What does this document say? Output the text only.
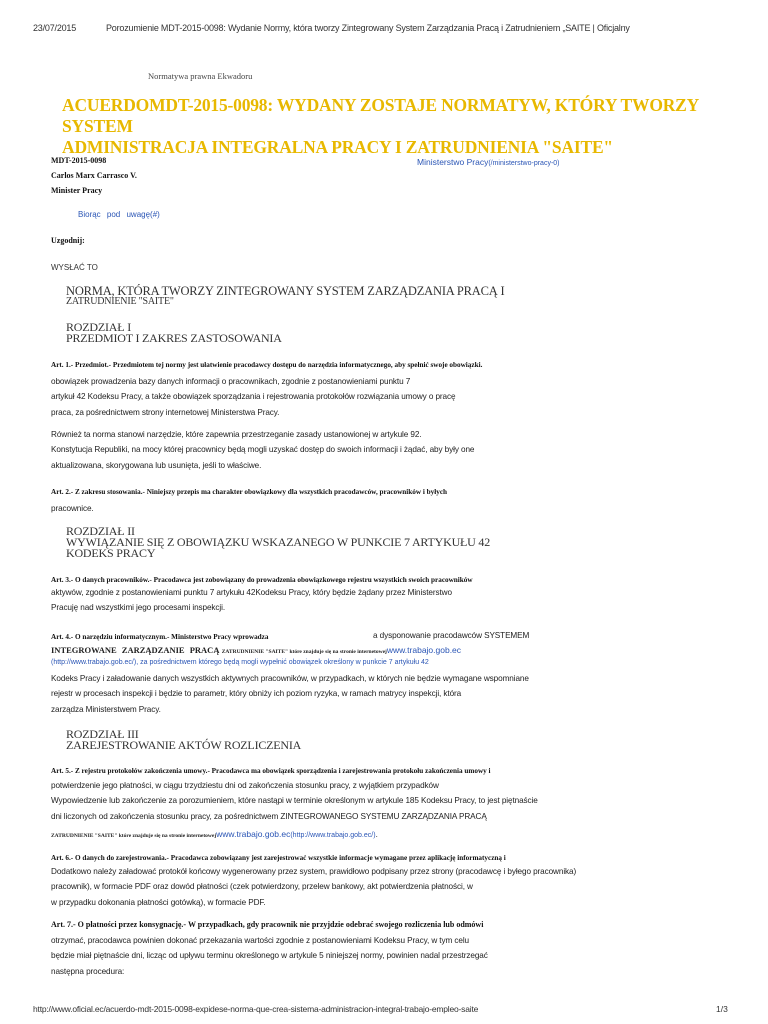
23/07/2015	Porozumienie MDT-2015-0098: Wydanie Normy, która tworzy Zintegrowany System Zarządzania Pracą i Zatrudnieniem „SAITE | Oficjalny
Normatywa prawna Ekwadoru
ACUERDOMDT-2015-0098: WYDANY ZOSTAJE NORMATYW, KTÓRY TWORZY SYSTEM
ADMINISTRACJA INTEGRALNA PRACY I ZATRUDNIENIA "SAITE"
MDT-2015-0098
Carlos Marx Carrasco V.
Minister Pracy
Ministerstwo Pracy(/ministerstwo-pracy-0)
Biorąc pod uwagę(#)
Uzgodnij:
WYSŁAĆ TO
NORMA, KTÓRA TWORZY ZINTEGROWANY SYSTEM ZARZĄDZANIA PRACĄ I
ZATRUDNIENIE "SAITE"
ROZDZIAŁ I
PRZEDMIOT I ZAKRES ZASTOSOWANIA
Art. 1.- Przedmiot.- Przedmiotem tej normy jest ułatwienie pracodawcy dostępu do narzędzia informatycznego, aby spełnić swoje obowiązki.
obowiązek prowadzenia bazy danych informacji o pracownikach, zgodnie z postanowieniami punktu 7
artykuł 42 Kodeksu Pracy, a także obowiązek sporządzania i rejestrowania protokołów rozwiązania umowy o pracę
praca, za pośrednictwem strony internetowej Ministerstwa Pracy.
Również ta norma stanowi narzędzie, które zapewnia przestrzeganie zasady ustanowionej w artykule 92.
Konstytucja Republiki, na mocy której pracownicy będą mogli uzyskać dostęp do swoich informacji i żądać, aby były one
aktualizowana, skorygowana lub usunięta, jeśli to właściwe.
Art. 2.- Z zakresu stosowania.- Niniejszy przepis ma charakter obowiązkowy dla wszystkich pracodawców, pracowników i byłych
pracownice.
ROZDZIAŁ II
WYWIĄZANIE SIĘ Z OBOWIĄZKU WSKAZANEGO W PUNKCIE 7 ARTYKUŁU 42
KODEKS PRACY
Art. 3.- O danych pracowników.- Pracodawca jest zobowiązany do prowadzenia obowiązkowego rejestru wszystkich swoich pracowników
aktywów, zgodnie z postanowieniami punktu 7 artykułu 42Kodeksu Pracy, który będzie żądany przez Ministerstwo
Pracuję nad wszystkimi jego procesami inspekcji.
Art. 4.- O narzędziu informatycznym.- Ministerstwo Pracy wprowadza	a dysponowanie pracodawców SYSTEMEM
INTEGROWANE ZARZĄDZANIE PRACĄ ZATRUDNIENIE "SAITE" które znajduje się na stronie internetowejwww.trabajo.gob.ec
(http://www.trabajo.gob.ec/), za pośrednictwem którego będą mogli wypełnić obowiązek określony w punkcie 7 artykułu 42
Kodeks Pracy i załadowanie danych wszystkich aktywnych pracowników, w przypadkach, w których nie będzie wymagane wspomniane
rejestr w procesach inspekcji i będzie to parametr, który obniży ich poziom ryzyka, w ramach matrycy inspekcji, która
zarządza Ministerstwem Pracy.
ROZDZIAŁ III
ZAREJESTROWANIE AKTÓW ROZLICZENIA
Art. 5.- Z rejestru protokołów zakończenia umowy.- Pracodawca ma obowiązek sporządzenia i zarejestrowania protokołu zakończenia umowy i
potwierdzenie jego płatności, w ciągu trzydziestu dni od zakończenia stosunku pracy, z wyjątkiem przypadków
Wypowiedzenie lub zakończenie za porozumieniem, które nastąpi w terminie określonym w artykule 185 Kodeksu Pracy, to jest piętnaście
dni liczonych od zakończenia stosunku pracy, za pośrednictwem ZINTEGROWANEGO SYSTEMU ZARZĄDZANIA PRACĄ
ZATRUDNIENIE "SAITE" które znajduje się na stronie internetowejwww.trabajo.gob.ec(http://www.trabajo.gob.ec/).
Art. 6.- O danych do zarejestrowania.- Pracodawca zobowiązany jest zarejestrować wszystkie informacje wymagane przez aplikację informatyczną i
Dodatkowo należy załadować protokół końcowy wygenerowany przez system, prawidłowo podpisany przez strony (pracodawcę i byłego pracownika)
pracownik), w formacie PDF oraz dowód płatności (czek potwierdzony, przelew bankowy, akt potwierdzenia płatności, w
w przypadku dokonania płatności gotówką), w formacie PDF.
Art. 7.- O płatności przez konsygnację.- W przypadkach, gdy pracownik nie przyjdzie odebrać swojego rozliczenia lub odmówi
otrzymać, pracodawca powinien dokonać przekazania wartości zgodnie z postanowieniami Kodeksu Pracy, w tym celu
będzie miał piętnaście dni, licząc od upływu terminu określonego w artykule 5 niniejszej normy, powinien nadal przestrzegać
następna procedura:
http://www.oficial.ec/acuerdo-mdt-2015-0098-expidese-norma-que-crea-sistema-administracion-integral-trabajo-empleo-saite	1/3
